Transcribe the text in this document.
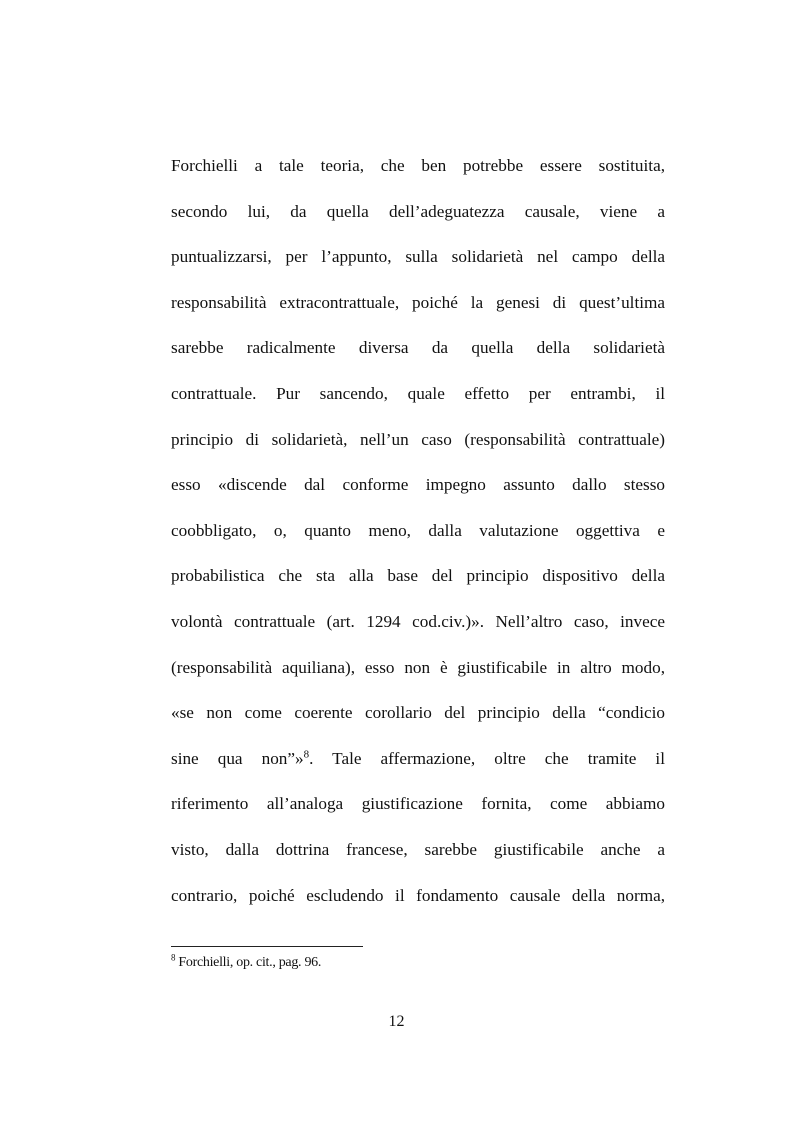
Forchielli a tale teoria, che ben potrebbe essere sostituita,
secondo lui, da quella dell’adeguatezza causale, viene a
puntualizzarsi, per l’appunto, sulla solidarietà nel campo della
responsabilità extracontrattuale, poiché la genesi di quest’ultima
sarebbe radicalmente diversa da quella della solidarietà
contrattuale. Pur sancendo, quale effetto per entrambi, il
principio di solidarietà, nell’un caso (responsabilità contrattuale)
esso «discende dal conforme impegno assunto dallo stesso
coobbligato, o, quanto meno, dalla valutazione oggettiva e
probabilistica che sta alla base del principio dispositivo della
volontà contrattuale (art. 1294 cod.civ.)». Nell’altro caso, invece
(responsabilità aquiliana), esso non è giustificabile in altro modo,
«se non come coerente corollario del principio della “condicio
sine qua non”»$^8$. Tale affermazione, oltre che tramite il
riferimento all’analoga giustificazione fornita, come abbiamo
visto, dalla dottrina francese, sarebbe giustificabile anche a
contrario, poiché escludendo il fondamento causale della norma,
$^8$ Forchielli, op. cit., pag. 96.
12
